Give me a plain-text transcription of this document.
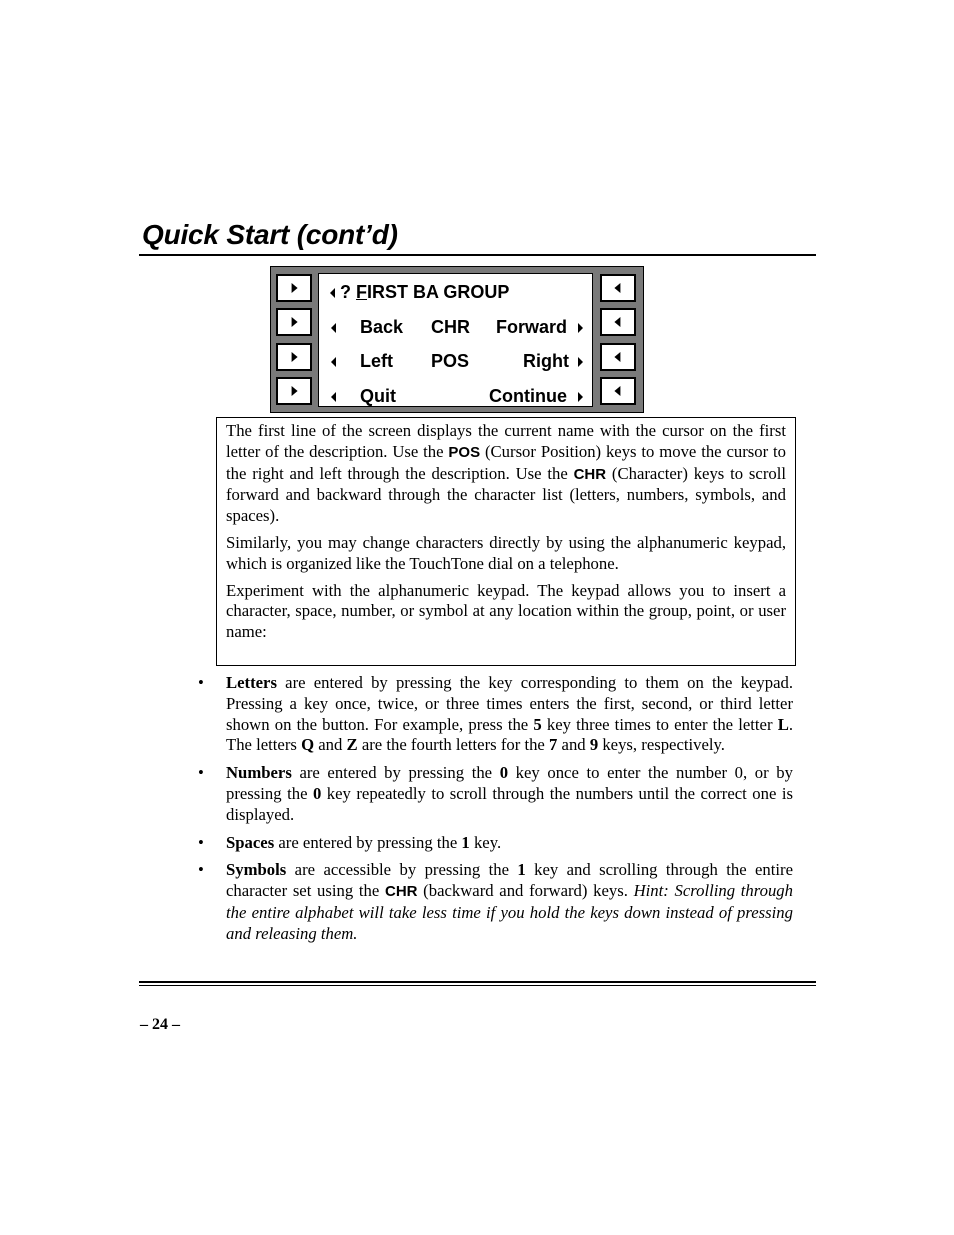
Quick Start (cont’d)
? FIRST BA GROUP
Back CHR Forward
Left POS	Right
Quit	Continue

The first line of the screen displays the current name with the cursor on the first letter of the description. Use the POS (Cursor Position) keys to move the cursor to the right and left through the description. Use the CHR (Character) keys to scroll forward and backward through the character list (letters, numbers, symbols, and spaces).

Similarly, you may change characters directly by using the alphanumeric keypad, which is organized like the TouchTone dial on a telephone.

Experiment with the alphanumeric keypad. The keypad allows you to insert a character, space, number, or symbol at any location within the group, point, or user name:

• Letters are entered by pressing the key corresponding to them on the keypad. Pressing a key once, twice, or three times enters the first, second, or third letter shown on the button. For example, press the 5 key three times to enter the letter L. The letters Q and Z are the fourth letters for the 7 and 9 keys, respectively.

• Numbers are entered by pressing the 0 key once to enter the number 0, or by pressing the 0 key repeatedly to scroll through the numbers until the correct one is displayed.

• Spaces are entered by pressing the 1 key.

• Symbols are accessible by pressing the 1 key and scrolling through the entire character set using the CHR (backward and forward) keys. Hint: Scrolling through the entire alphabet will take less time if you hold the keys down instead of pressing and releasing them.

– 24 –
